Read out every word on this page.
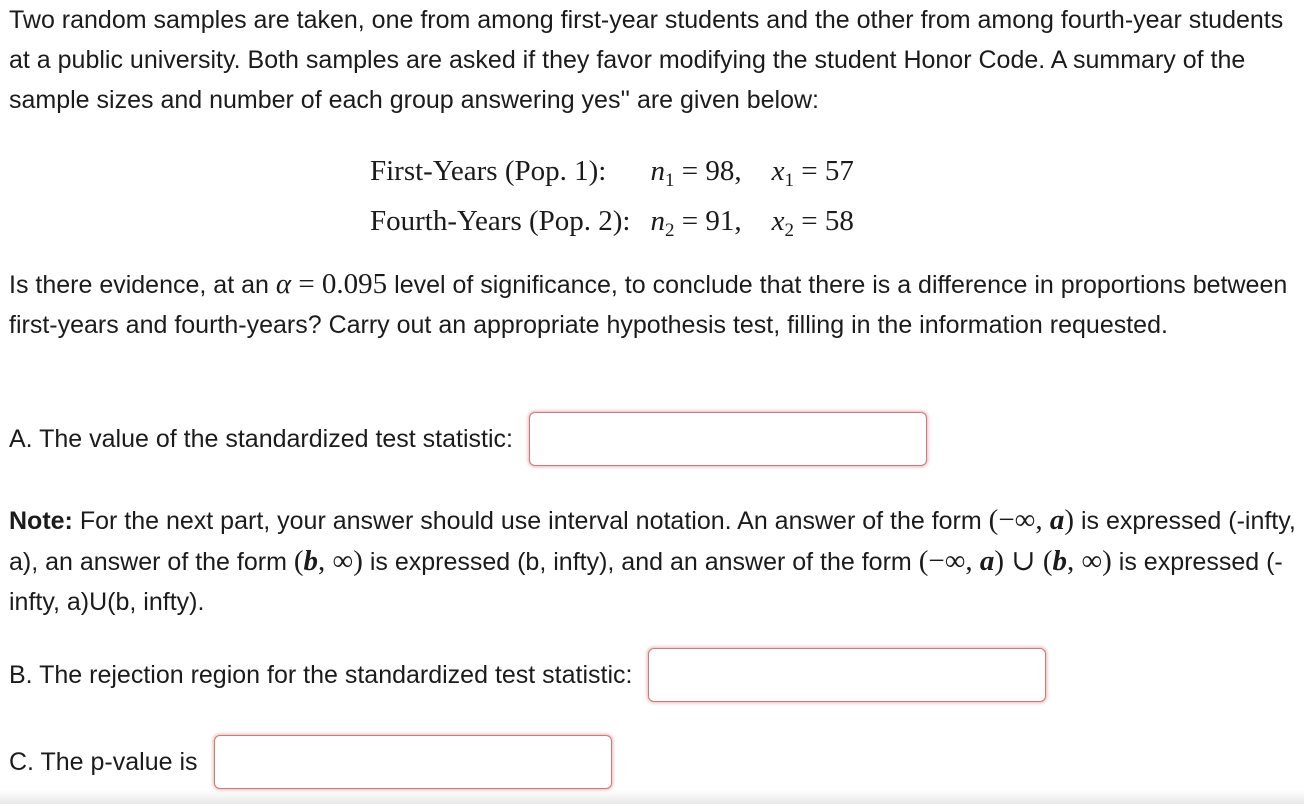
Two random samples are taken, one from among first-year students and the other from among fourth-year students at a public university. Both samples are asked if they favor modifying the student Honor Code. A summary of the sample sizes and number of each group answering yes'' are given below:

First-Years (Pop. 1):	$n_1 = 98$,	$x_1 = 57$
Fourth-Years (Pop. 2):	$n_2 = 91$,	$x_2 = 58$

Is there evidence, at an α = 0.095 level of significance, to conclude that there is a difference in proportions between first-years and fourth-years? Carry out an appropriate hypothesis test, filling in the information requested.

A. The value of the standardized test statistic:

Note: For the next part, your answer should use interval notation. An answer of the form (−∞, a) is expressed (-infty, a), an answer of the form (b, ∞) is expressed (b, infty), and an answer of the form (−∞, a) ∪ (b, ∞) is expressed (-infty, a)U(b, infty).

B. The rejection region for the standardized test statistic:
C. The p-value is
